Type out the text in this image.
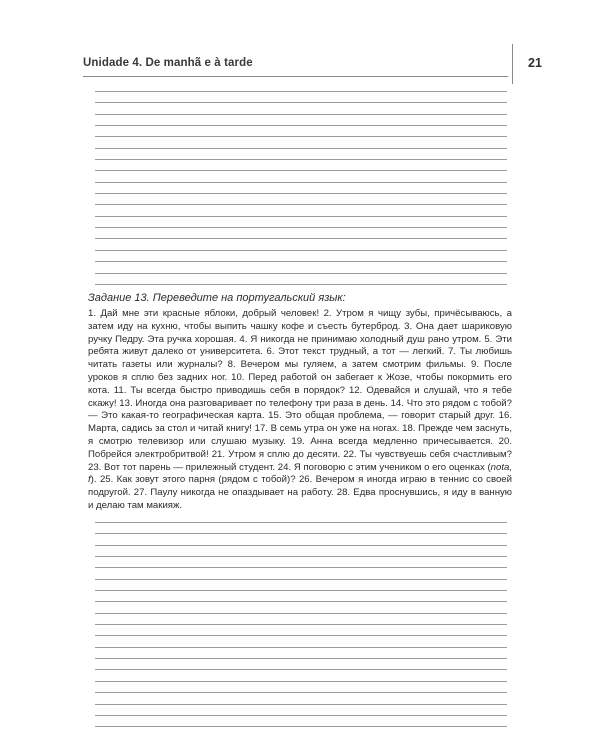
Unidade 4. De manhã e à tarde	21

Задание 13. Переведите на португальский язык:

1. Дай мне эти красные яблоки, добрый человек! 2. Утром я чищу зубы, причёсываюсь, а затем иду на кухню, чтобы выпить чашку кофе и съесть бутерброд. 3. Она дает шариковую ручку Педру. Эта ручка хорошая. 4. Я никогда не принимаю холодный душ рано утром. 5. Эти ребята живут далеко от университета. 6. Этот текст трудный, а тот — легкий. 7. Ты любишь читать газеты или журналы? 8. Вечером мы гуляем, а затем смотрим фильмы. 9. После уроков я сплю без задних ног. 10. Перед работой он забегает к Жозе, чтобы покормить его кота. 11. Ты всегда быстро приводишь себя в порядок? 12. Одевайся и слушай, что я тебе скажу! 13. Иногда она разговаривает по телефону три раза в день. 14. Что это рядом с тобой? — Это какая-то географическая карта. 15. Это общая проблема, — говорит старый друг. 16. Марта, садись за стол и читай книгу! 17. В семь утра он уже на ногах. 18. Прежде чем заснуть, я смотрю телевизор или слушаю музыку. 19. Анна всегда медленно причесывается. 20. Побрейся электробритвой! 21. Утром я сплю до десяти. 22. Ты чувствуешь себя счастливым? 23. Вот тот парень — прилежный студент. 24. Я поговорю с этим учеником о его оценках (nota, f). 25. Как зовут этого парня (рядом с тобой)? 26. Вечером я иногда играю в теннис со своей подругой. 27. Паулу никогда не опаздывает на работу. 28. Едва проснувшись, я иду в ванную и делаю там макияж.
